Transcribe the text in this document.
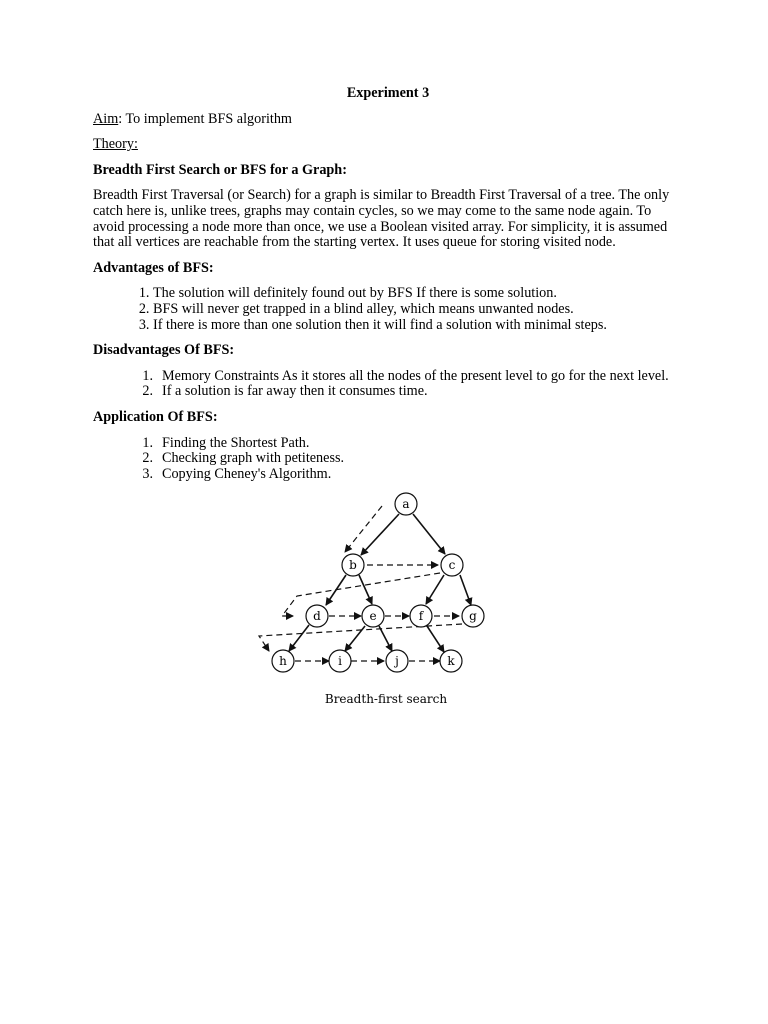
Experiment 3
Aim: To implement BFS algorithm
Theory:
Breadth First Search or BFS for a Graph:
Breadth First Traversal (or Search) for a graph is similar to Breadth First Traversal of a tree. The only catch here is, unlike trees, graphs may contain cycles, so we may come to the same node again. To avoid processing a node more than once, we use a Boolean visited array. For simplicity, it is assumed that all vertices are reachable from the starting vertex. It uses queue for storing visited node.
Advantages of BFS:
1. The solution will definitely found out by BFS If there is some solution.
2. BFS will never get trapped in a blind alley, which means unwanted nodes.
3. If there is more than one solution then it will find a solution with minimal steps.
Disadvantages Of BFS:
1. Memory Constraints As it stores all the nodes of the present level to go for the next level.
2. If a solution is far away then it consumes time.
Application Of BFS:
1. Finding the Shortest Path.
2. Checking graph with petiteness.
3. Copying Cheney's Algorithm.
a
b	c
d	e	f	g
h	i	j	k
Breadth-first search
